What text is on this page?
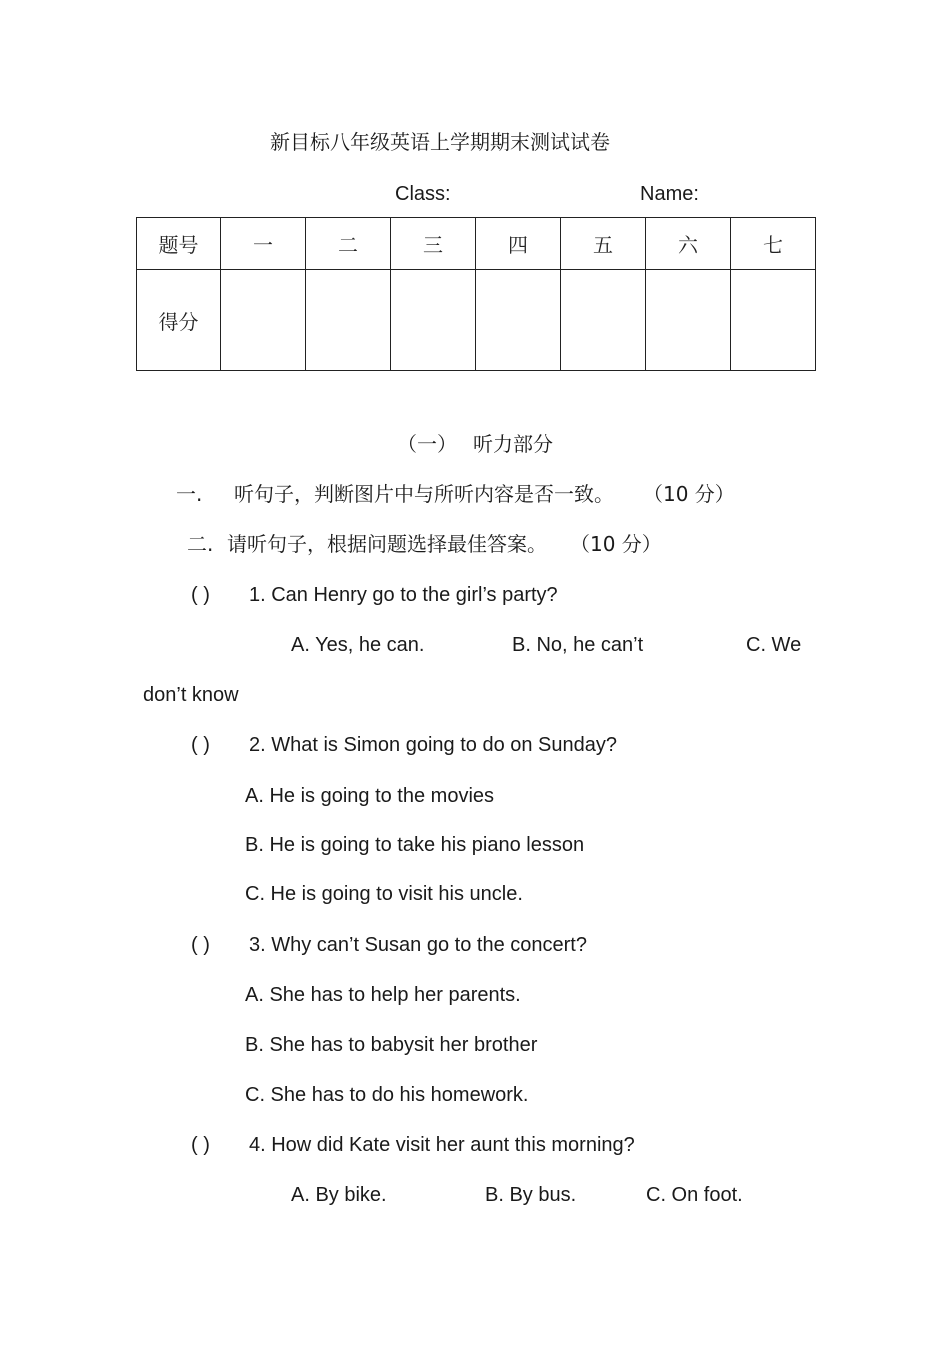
新目标八年级英语上学期期末测试试卷
Class:	Name:
题号	一	二	三	四	五	六	七
得分							
（一） 听力部分
一. 听句子，判断图片中与所听内容是否一致。 （10 分）
二. 请听句子，根据问题选择最佳答案。 （10 分）
( ) 1. Can Henry go to the girl’s party?
A. Yes, he can.	B. No, he can’t	C. We
don’t know
( ) 2. What is Simon going to do on Sunday?
A. He is going to the movies
B. He is going to take his piano lesson
C. He is going to visit his uncle.
( ) 3. Why can’t Susan go to the concert?
A. She has to help her parents.
B. She has to babysit her brother
C. She has to do his homework.
( ) 4. How did Kate visit her aunt this morning?
A. By bike.	B. By bus.	C. On foot.
